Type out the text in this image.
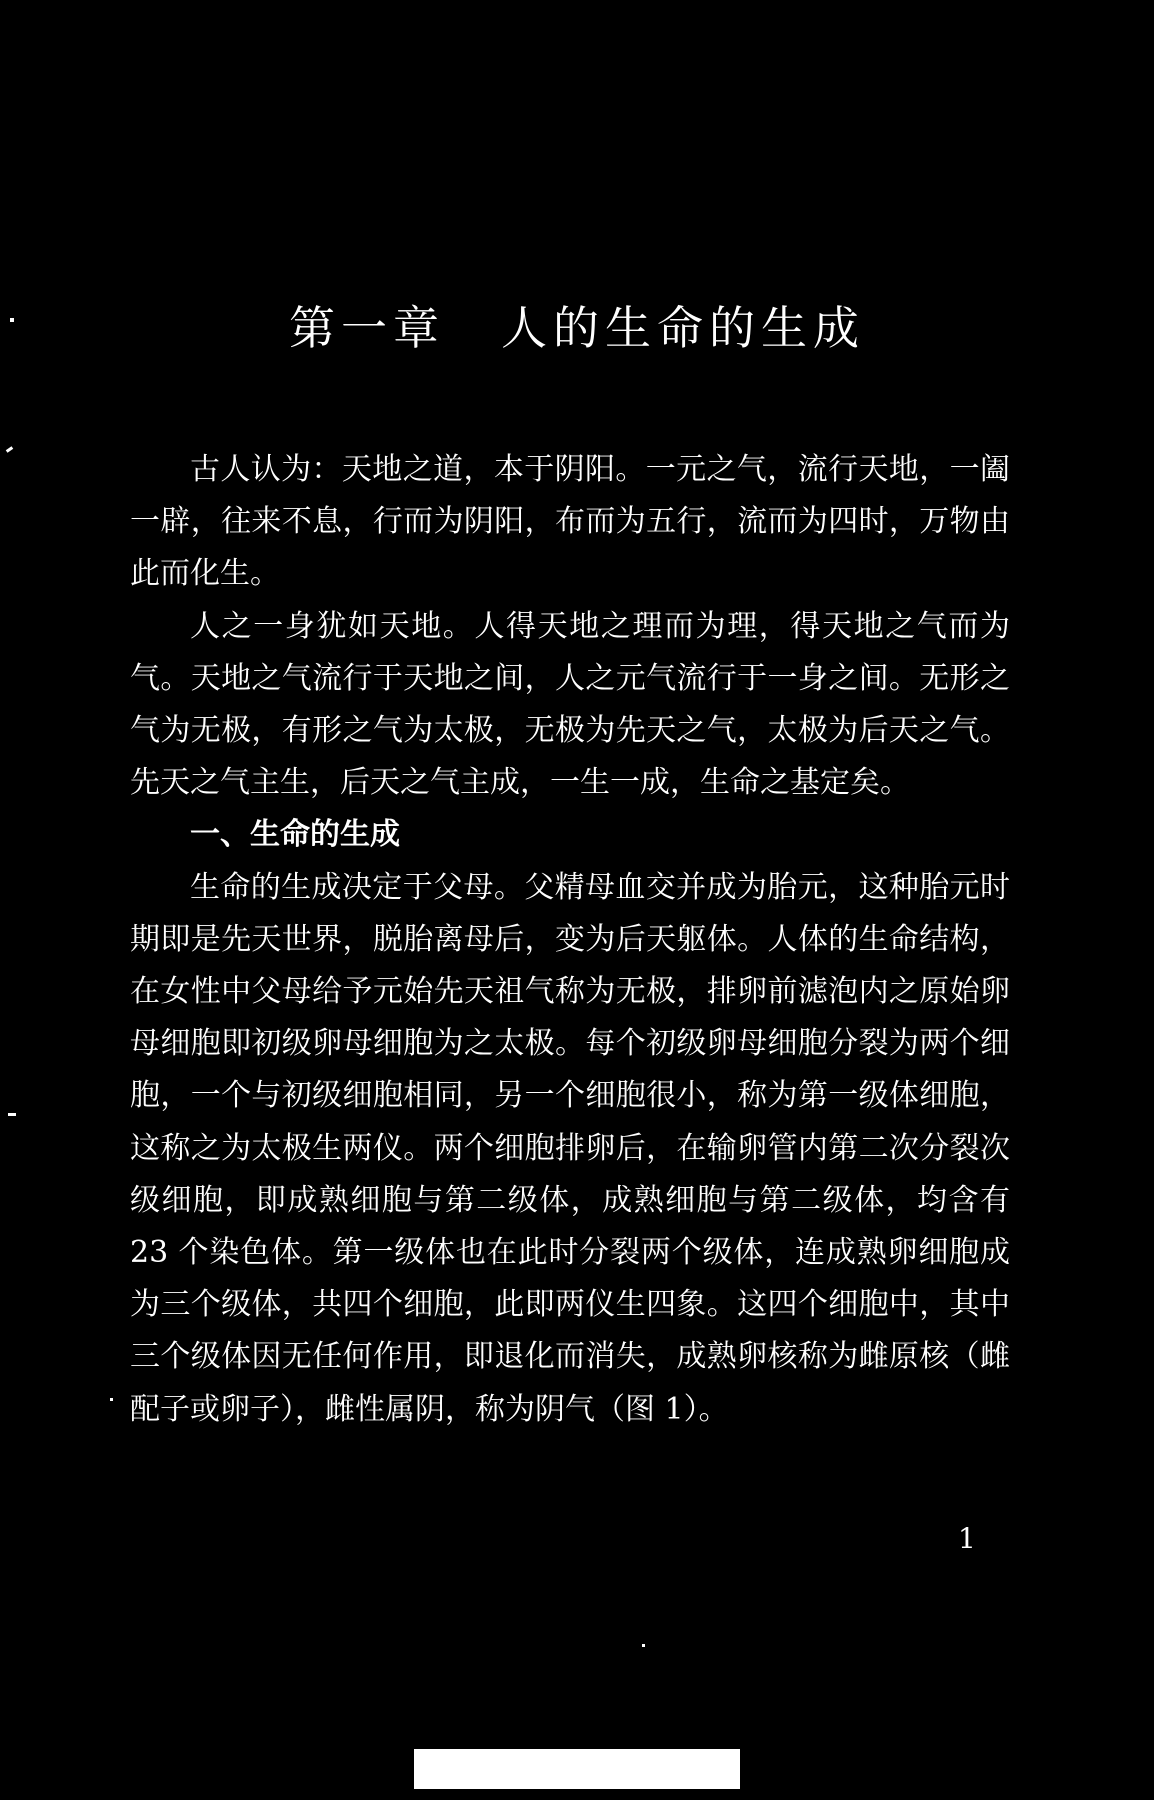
第一章 人的生命的生成

古人认为：天地之道，本于阴阳。一元之气，流行天地，一阖一辟，往来不息，行而为阴阳，布而为五行，流而为四时，万物由此而化生。

人之一身犹如天地。人得天地之理而为理，得天地之气而为气。天地之气流行于天地之间，人之元气流行于一身之间。无形之气为无极，有形之气为太极，无极为先天之气，太极为后天之气。先天之气主生，后天之气主成，一生一成，生命之基定矣。

一、生命的生成

生命的生成决定于父母。父精母血交并成为胎元，这种胎元时期即是先天世界，脱胎离母后，变为后天躯体。人体的生命结构，在女性中父母给予元始先天祖气称为无极，排卵前滤泡内之原始卵母细胞即初级卵母细胞为之太极。每个初级卵母细胞分裂为两个细胞，一个与初级细胞相同，另一个细胞很小，称为第一级体细胞，这称之为太极生两仪。两个细胞排卵后，在输卵管内第二次分裂次级细胞，即成熟细胞与第二级体，成熟细胞与第二级体，均含有 23 个染色体。第一级体也在此时分裂两个级体，连成熟卵细胞成为三个级体，共四个细胞，此即两仪生四象。这四个细胞中，其中三个级体因无任何作用，即退化而消失，成熟卵核称为雌原核（雌配子或卵子），雌性属阴，称为阴气（图 1）。

1
